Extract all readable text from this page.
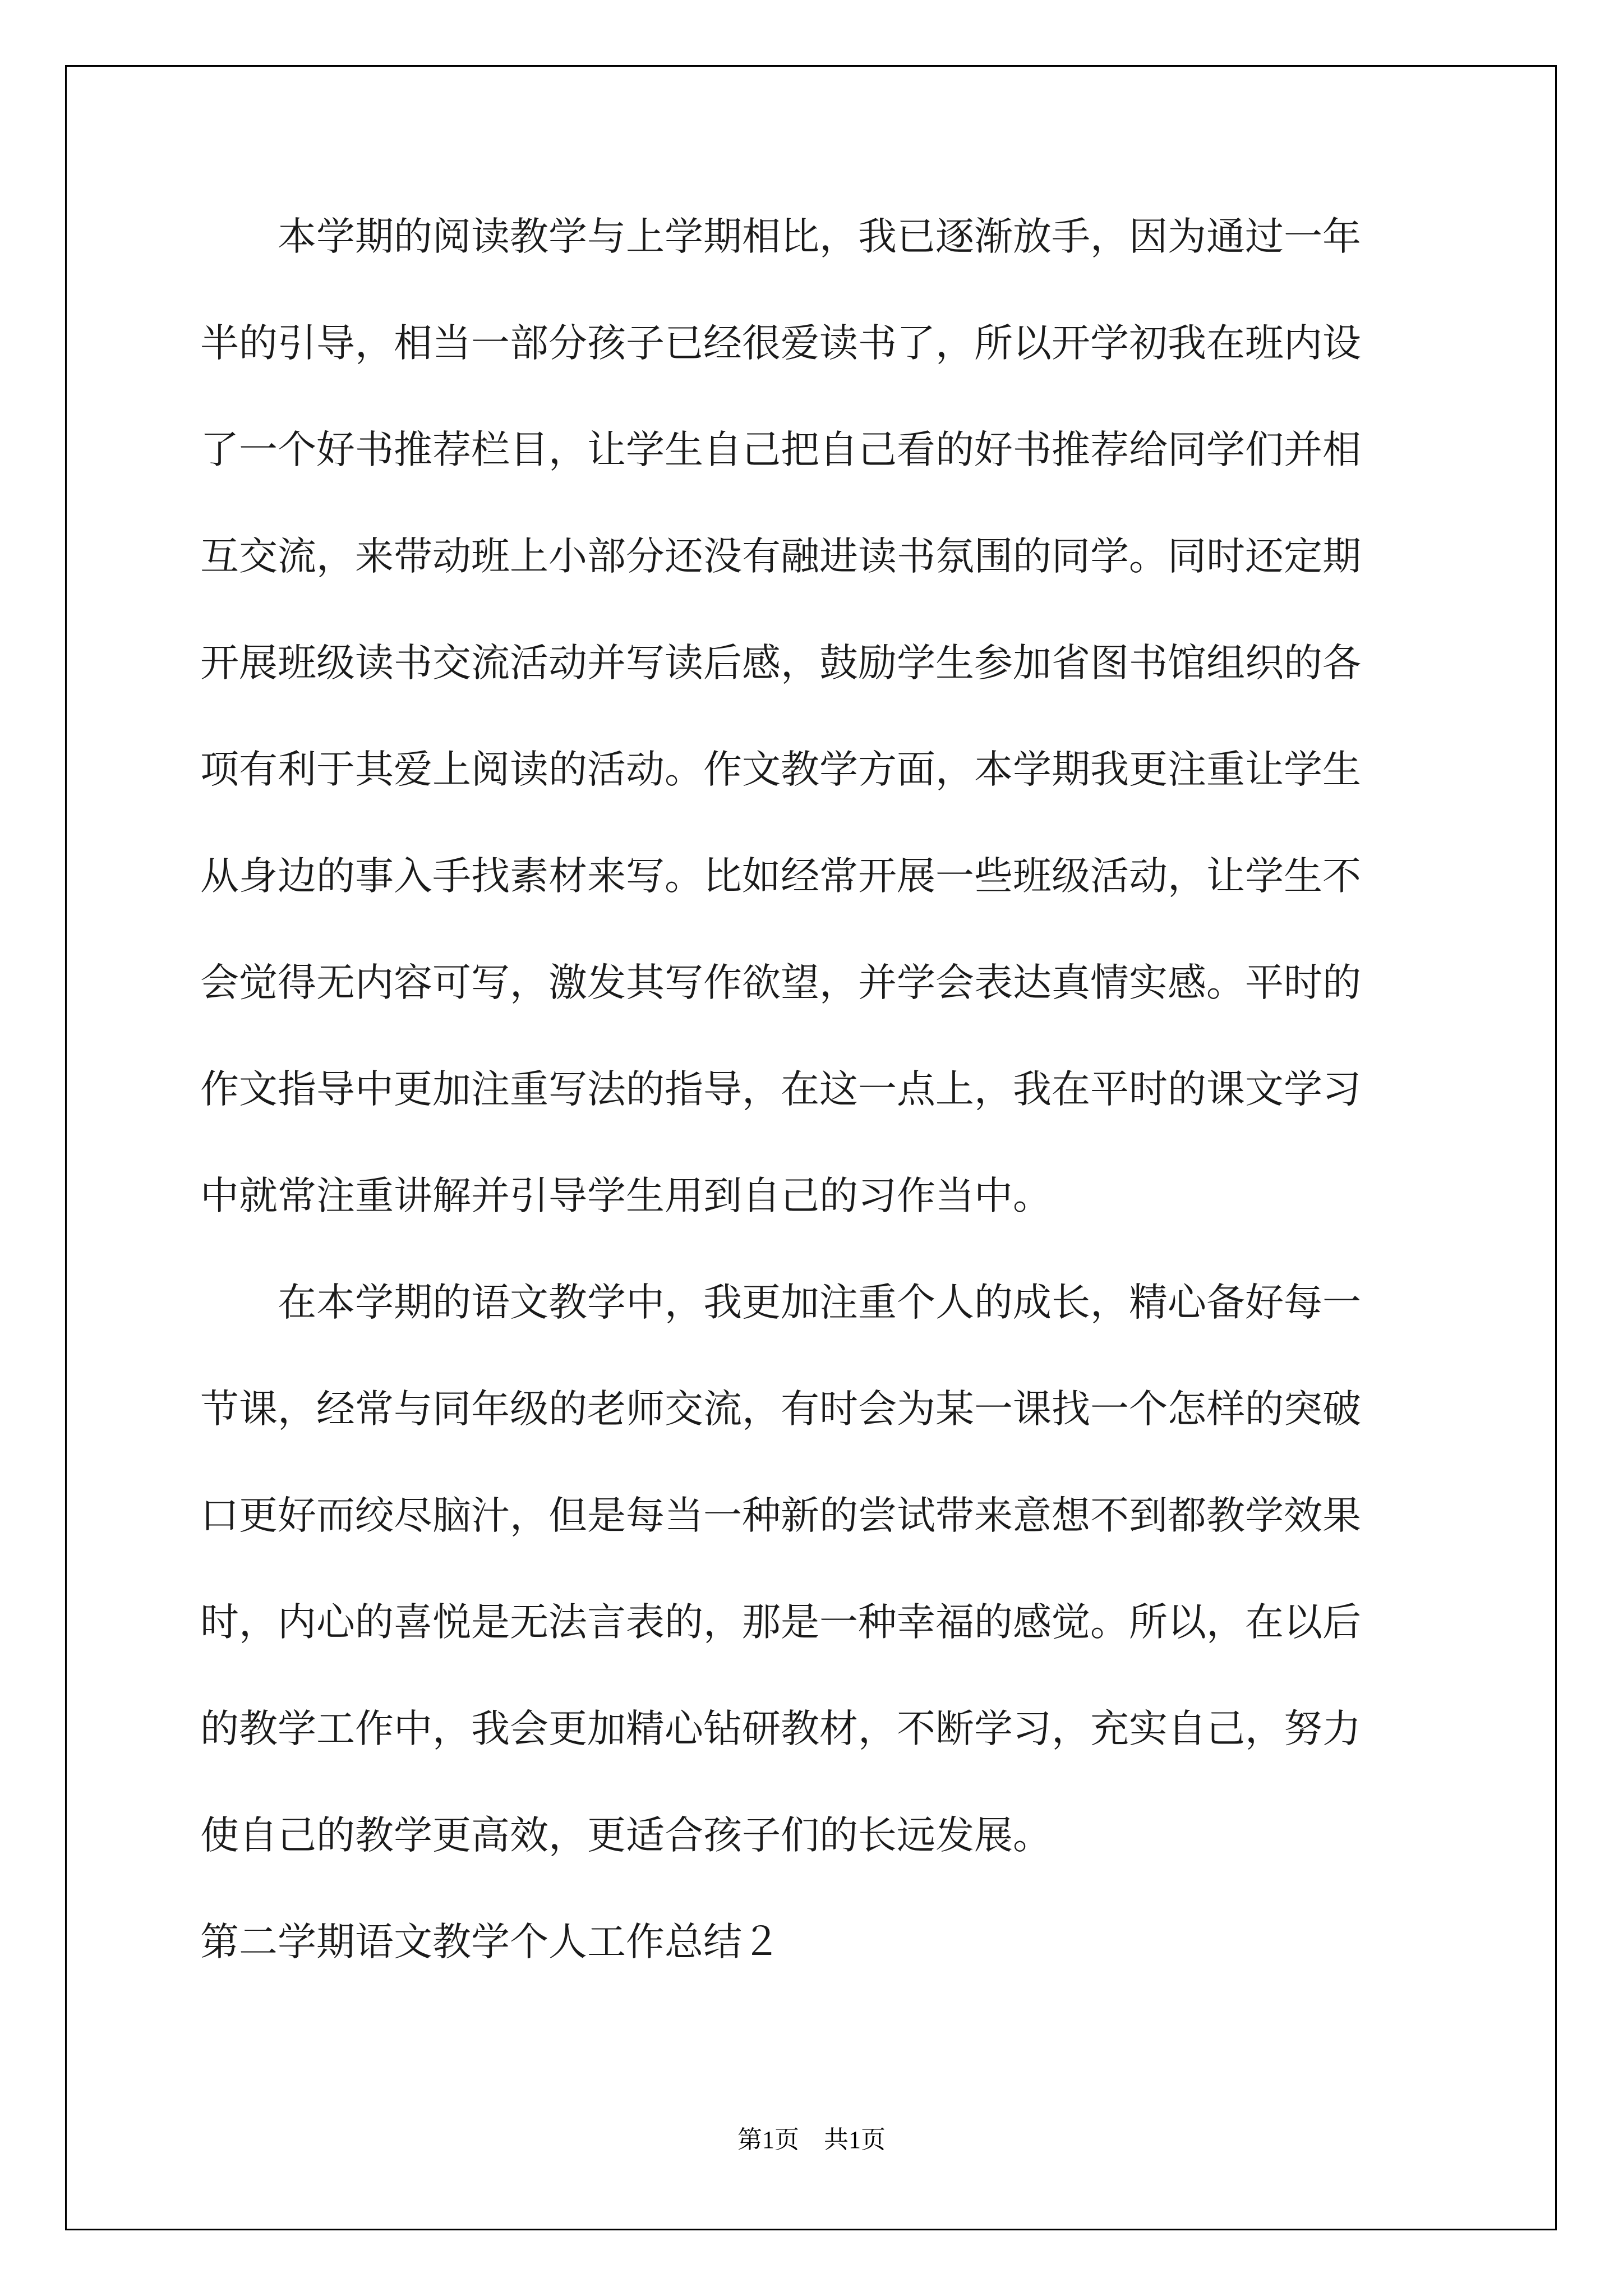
本学期的阅读教学与上学期相比，我已逐渐放手，因为通过一年
半的引导，相当一部分孩子已经很爱读书了，所以开学初我在班内设
了一个好书推荐栏目，让学生自己把自己看的好书推荐给同学们并相
互交流，来带动班上小部分还没有融进读书氛围的同学。同时还定期
开展班级读书交流活动并写读后感，鼓励学生参加省图书馆组织的各
项有利于其爱上阅读的活动。作文教学方面，本学期我更注重让学生
从身边的事入手找素材来写。比如经常开展一些班级活动，让学生不
会觉得无内容可写，激发其写作欲望，并学会表达真情实感。平时的
作文指导中更加注重写法的指导，在这一点上，我在平时的课文学习
中就常注重讲解并引导学生用到自己的习作当中。
在本学期的语文教学中，我更加注重个人的成长，精心备好每一
节课，经常与同年级的老师交流，有时会为某一课找一个怎样的突破
口更好而绞尽脑汁，但是每当一种新的尝试带来意想不到都教学效果
时，内心的喜悦是无法言表的，那是一种幸福的感觉。所以，在以后
的教学工作中，我会更加精心钻研教材，不断学习，充实自己，努力
使自己的教学更高效，更适合孩子们的长远发展。
第二学期语文教学个人工作总结２
第1页　共1页
